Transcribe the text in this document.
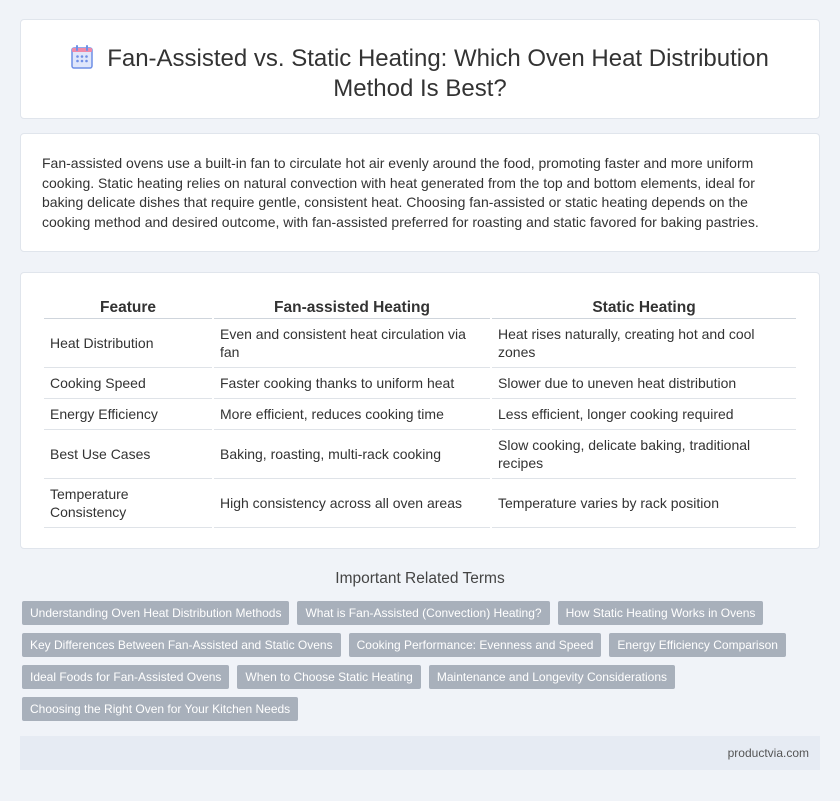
Fan-Assisted vs. Static Heating: Which Oven Heat Distribution
Method Is Best?

Fan-assisted ovens use a built-in fan to circulate hot air evenly around the food, promoting faster and more uniform cooking. Static heating relies on natural convection with heat generated from the top and bottom elements, ideal for baking delicate dishes that require gentle, consistent heat. Choosing fan-assisted or static heating depends on the cooking method and desired outcome, with fan-assisted preferred for roasting and static favored for baking pastries.

Feature	Fan-assisted Heating	Static Heating
Heat Distribution	Even and consistent heat circulation via fan	Heat rises naturally, creating hot and cool zones
Cooking Speed	Faster cooking thanks to uniform heat	Slower due to uneven heat distribution
Energy Efficiency	More efficient, reduces cooking time	Less efficient, longer cooking required
Best Use Cases	Baking, roasting, multi-rack cooking	Slow cooking, delicate baking, traditional recipes
Temperature Consistency	High consistency across all oven areas	Temperature varies by rack position
Important Related Terms
Understanding Oven Heat Distribution Methods	What is Fan-Assisted (Convection) Heating?	How Static Heating Works in Ovens
Key Differences Between Fan-Assisted and Static Ovens	Cooking Performance: Evenness and Speed	Energy Efficiency Comparison
Ideal Foods for Fan-Assisted Ovens	When to Choose Static Heating	Maintenance and Longevity Considerations
Choosing the Right Oven for Your Kitchen Needs
productvia.com
